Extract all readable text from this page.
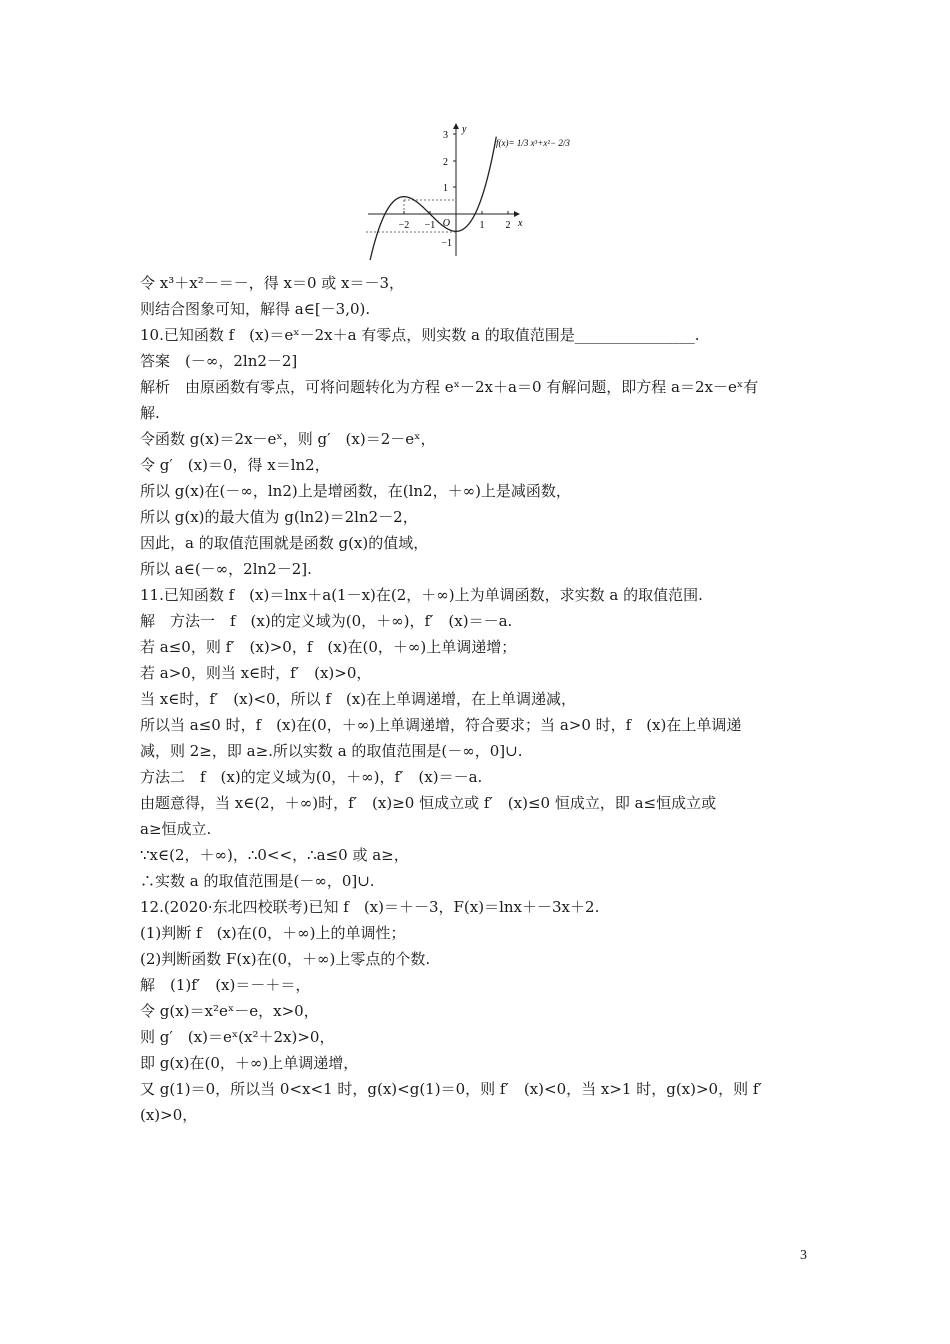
3
2
1
−1
−2 −1	1 2
O
y
x
f(x)= 1/3 x³+x²− 2/3

令 x³＋x²－＝－，得 x＝0 或 x＝－3，

则结合图象可知，解得 a∈[－3,0).

10.已知函数 f　(x)＝eˣ－2x＋a 有零点，则实数 a 的取值范围是________________.

答案　(－∞，2ln2－2]

解析　由原函数有零点，可将问题转化为方程 eˣ－2x＋a＝0 有解问题，即方程 a＝2x－eˣ有

解.

令函数 g(x)＝2x－eˣ，则 g′　(x)＝2－eˣ，

令 g′　(x)＝0，得 x＝ln2，

所以 g(x)在(－∞，ln2)上是增函数，在(ln2，＋∞)上是减函数，

所以 g(x)的最大值为 g(ln2)＝2ln2－2，

因此，a 的取值范围就是函数 g(x)的值域，

所以 a∈(－∞，2ln2－2].

11.已知函数 f　(x)＝lnx＋a(1－x)在(2，＋∞)上为单调函数，求实数 a 的取值范围.

解　方法一　f　(x)的定义域为(0，＋∞)，f′　(x)＝－a.

若 a≤0，则 f′　(x)>0，f　(x)在(0，＋∞)上单调递增；

若 a>0，则当 x∈时，f′　(x)>0，

当 x∈时，f′　(x)<0，所以 f　(x)在上单调递增，在上单调递减，

所以当 a≤0 时，f　(x)在(0，＋∞)上单调递增，符合要求；当 a>0 时，f　(x)在上单调递

减，则 2≥，即 a≥.所以实数 a 的取值范围是(－∞，0]∪.

方法二　f　(x)的定义域为(0，＋∞)，f′　(x)＝－a.

由题意得，当 x∈(2，＋∞)时，f′　(x)≥0 恒成立或 f′　(x)≤0 恒成立，即 a≤恒成立或

a≥恒成立.

∵x∈(2，＋∞)，∴0<<，∴a≤0 或 a≥，

∴实数 a 的取值范围是(－∞，0]∪.

12.(2020·东北四校联考)已知 f　(x)＝＋－3，F(x)＝lnx＋－3x＋2.

(1)判断 f　(x)在(0，＋∞)上的单调性；

(2)判断函数 F(x)在(0，＋∞)上零点的个数.

解　(1)f′　(x)＝－＋＝，

令 g(x)＝x²eˣ－e，x>0，

则 g′　(x)＝eˣ(x²＋2x)>0，

即 g(x)在(0，＋∞)上单调递增，

又 g(1)＝0，所以当 0<x<1 时，g(x)<g(1)＝0，则 f′　(x)<0，当 x>1 时，g(x)>0，则 f′

(x)>0，

3
